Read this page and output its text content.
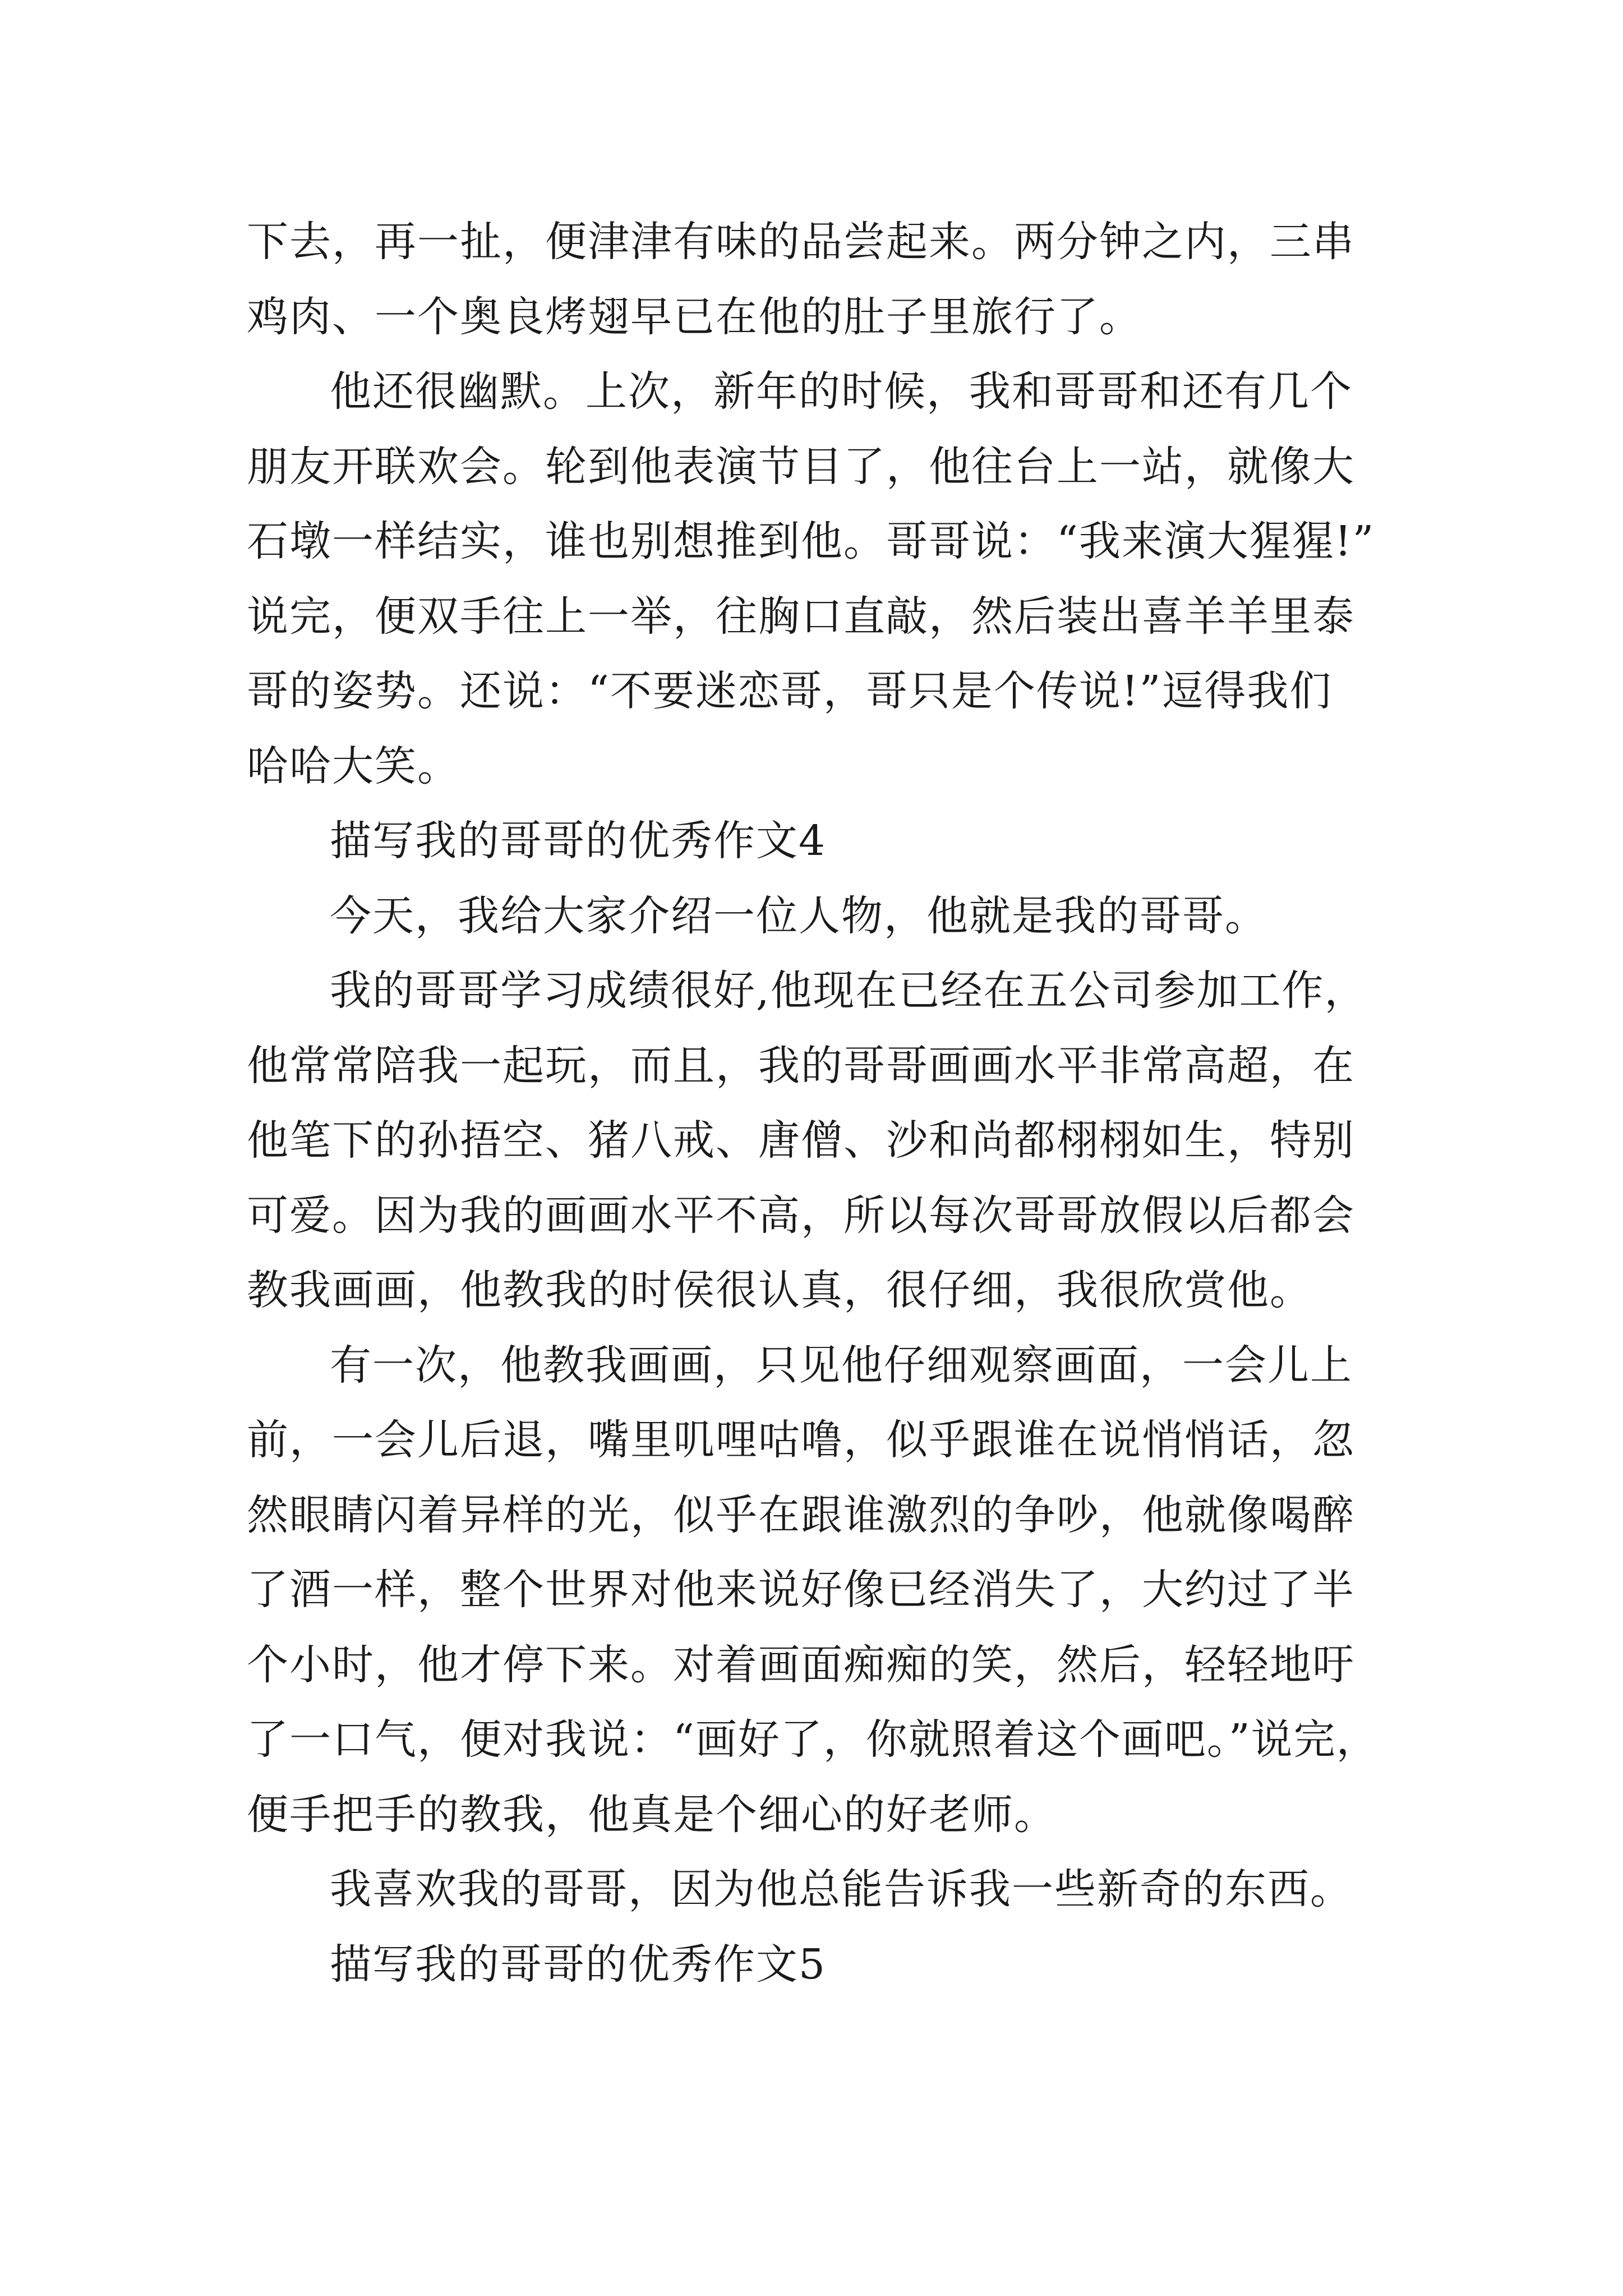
下去，再一扯，便津津有味的品尝起来。两分钟之内，三串
鸡肉、一个奥良烤翅早已在他的肚子里旅行了。
他还很幽默。上次，新年的时候，我和哥哥和还有几个
朋友开联欢会。轮到他表演节目了，他往台上一站，就像大
石墩一样结实，谁也别想推到他。哥哥说：“我来演大猩猩!”
说完，便双手往上一举，往胸口直敲，然后装出喜羊羊里泰
哥的姿势。还说：“不要迷恋哥，哥只是个传说!”逗得我们
哈哈大笑。
描写我的哥哥的优秀作文4
今天，我给大家介绍一位人物，他就是我的哥哥。
我的哥哥学习成绩很好,他现在已经在五公司参加工作，
他常常陪我一起玩，而且，我的哥哥画画水平非常高超，在
他笔下的孙捂空、猪八戒、唐僧、沙和尚都栩栩如生，特别
可爱。因为我的画画水平不高，所以每次哥哥放假以后都会
教我画画，他教我的时侯很认真，很仔细，我很欣赏他。
有一次，他教我画画，只见他仔细观察画面，一会儿上
前，一会儿后退，嘴里叽哩咕噜，似乎跟谁在说悄悄话，忽
然眼睛闪着异样的光，似乎在跟谁激烈的争吵，他就像喝醉
了酒一样，整个世界对他来说好像已经消失了，大约过了半
个小时，他才停下来。对着画面痴痴的笑，然后，轻轻地吁
了一口气，便对我说：“画好了，你就照着这个画吧。”说完，
便手把手的教我，他真是个细心的好老师。
我喜欢我的哥哥，因为他总能告诉我一些新奇的东西。
描写我的哥哥的优秀作文5
